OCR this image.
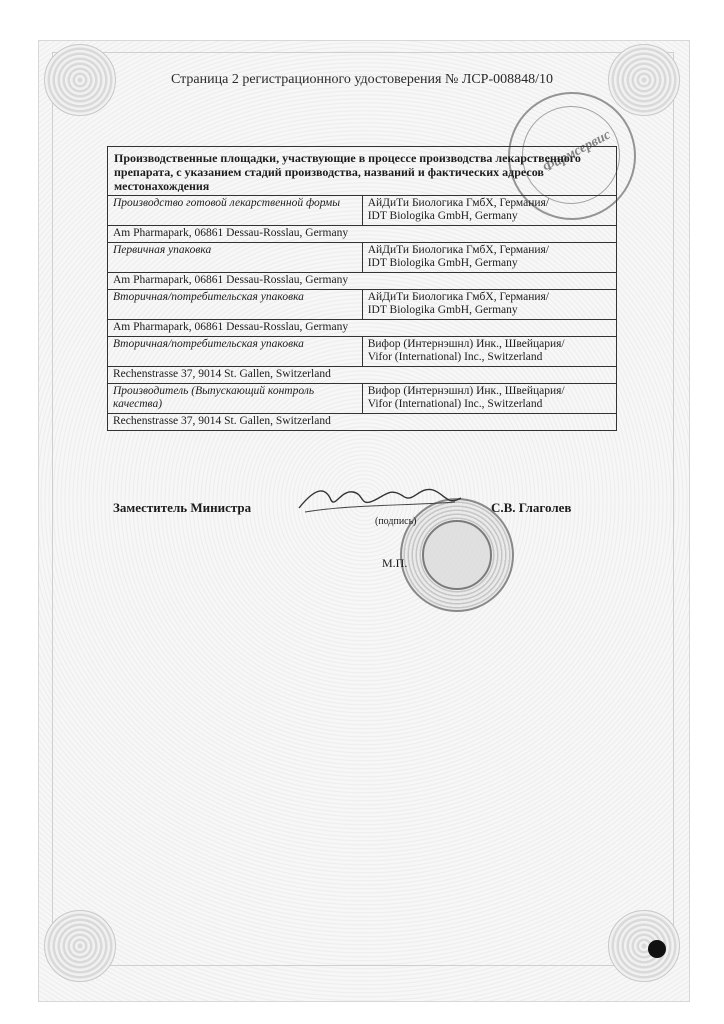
Страница 2 регистрационного удостоверения № ЛСР-008848/10
Фармсервис
Производственные площадки, участвующие в процессе производства лекарственного препарата, с указанием стадий производства, названий и фактических адресов местонахождения	
Производство готовой лекарственной формы	АйДиТи Биологика ГмбХ, Германия/
IDT Biologika GmbH, Germany

Am Pharmapark, 06861 Dessau-Rosslau, Germany	
Первичная упаковка	АйДиТи Биологика ГмбХ, Германия/
IDT Biologika GmbH, Germany

Am Pharmapark, 06861 Dessau-Rosslau, Germany	
Вторичная/потребительская упаковка	АйДиТи Биологика ГмбХ, Германия/
IDT Biologika GmbH, Germany

Am Pharmapark, 06861 Dessau-Rosslau, Germany	
Вторичная/потребительская упаковка	Вифор (Интернэшнл) Инк., Швейцария/
Vifor (International) Inc., Switzerland

Rechenstrasse 37, 9014 St. Gallen, Switzerland	
Производитель (Выпускающий контроль качества)	Вифор (Интернэшнл) Инк., Швейцария/
Vifor (International) Inc., Switzerland

Rechenstrasse 37, 9014 St. Gallen, Switzerland	
Заместитель Министра
(подпись)
С.В. Глаголев
М.П.
